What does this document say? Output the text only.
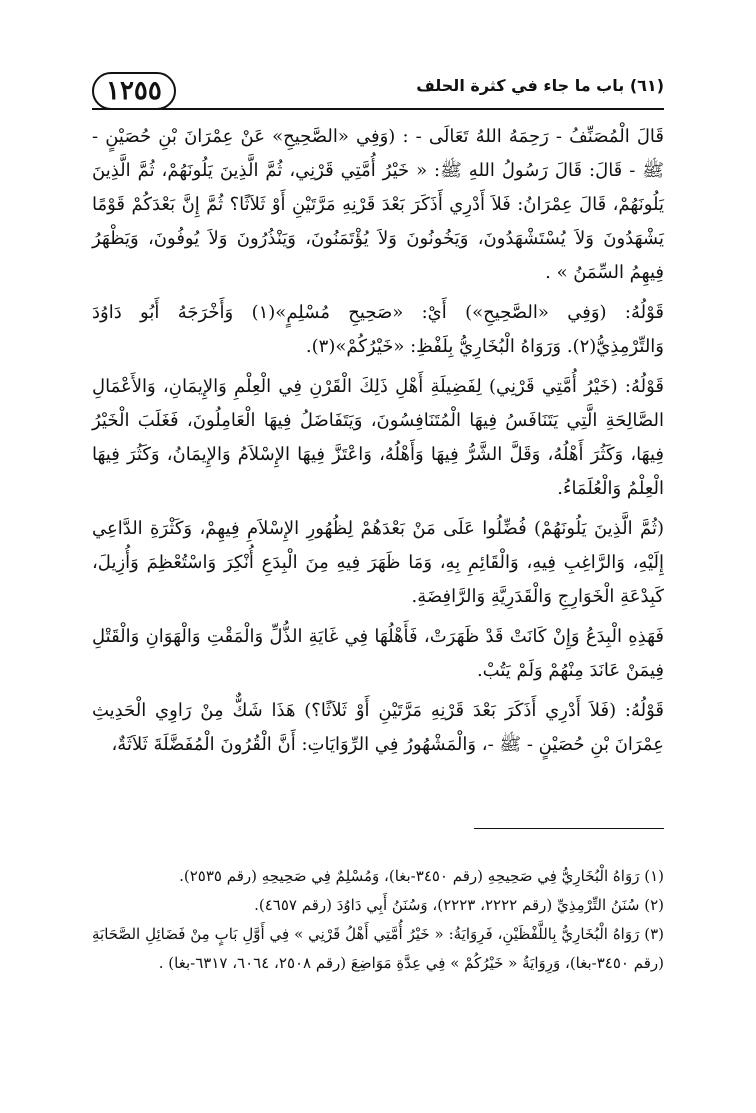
(٦١) باب ما جاء في كثرة الحلف
١٢٥٥

قَالَ الْمُصَنِّفُ - رَحِمَهُ اللهُ تَعَالَى - : (وَفِي «الصَّحِيحِ» عَنْ عِمْرَانَ بْنِ حُصَيْنٍ - ﷺ - قَالَ: قَالَ رَسُولُ اللهِ ﷺ: « خَيْرُ أُمَّتِي قَرْنِي، ثُمَّ الَّذِينَ يَلُونَهُمْ، ثُمَّ الَّذِينَ يَلُونَهُمْ، قَالَ عِمْرَانُ: فَلاَ أَدْرِي أَذَكَرَ بَعْدَ قَرْنِهِ مَرَّتَيْنِ أَوْ ثَلاَثًا؟ ثُمَّ إِنَّ بَعْدَكُمْ قَوْمًا يَشْهَدُونَ وَلاَ يُسْتَشْهَدُونَ، وَيَخُونُونَ وَلاَ يُؤْتَمَنُونَ، وَيَنْذُرُونَ وَلاَ يُوفُونَ، وَيَظْهَرُ فِيهِمُ السِّمَنُ » .

قَوْلُهُ: (وَفِي «الصَّحِيحِ») أَيْ: «صَحِيحِ مُسْلِمٍ»(١) وَأَخْرَجَهُ أَبُو دَاوُدَ وَالتِّرْمِذِيُّ(٢). وَرَوَاهُ الْبُخَارِيُّ بِلَفْظِ: «خَيْرُكُمْ»(٣).

قَوْلُهُ: (خَيْرُ أُمَّتِي قَرْنِي) لِفَضِيلَةِ أَهْلِ ذَلِكَ الْقَرْنِ فِي الْعِلْمِ وَالإِيمَانِ، وَالأَعْمَالِ الصَّالِحَةِ الَّتِي يَتَنَافَسُ فِيهَا الْمُتَنَافِسُونَ، وَيَتَفَاضَلُ فِيهَا الْعَامِلُونَ، فَغَلَبَ الْخَيْرُ فِيهَا، وَكَثُرَ أَهْلُهُ، وَقَلَّ الشَّرُّ فِيهَا وَأَهْلُهُ، وَاعْتَزَّ فِيهَا الإِسْلاَمُ وَالإِيمَانُ، وَكَثُرَ فِيهَا الْعِلْمُ وَالْعُلَمَاءُ.

(ثُمَّ الَّذِينَ يَلُونَهُمْ) فُضِّلُوا عَلَى مَنْ بَعْدَهُمْ لِظُهُورِ الإِسْلاَمِ فِيهِمْ، وَكَثْرَةِ الدَّاعِي إِلَيْهِ، وَالرَّاغِبِ فِيهِ، وَالْقَائِمِ بِهِ، وَمَا ظَهَرَ فِيهِ مِنَ الْبِدَعِ أُنْكِرَ وَاسْتُعْظِمَ وَأُزِيلَ، كَبِدْعَةِ الْخَوَارِجِ وَالْقَدَرِيَّةِ وَالرَّافِضَةِ.

فَهَذِهِ الْبِدَعُ وَإِنْ كَانَتْ قَدْ ظَهَرَتْ، فَأَهْلُهَا فِي غَايَةِ الذُّلِّ وَالْمَقْتِ وَالْهَوَانِ وَالْقَتْلِ فِيمَنْ عَانَدَ مِنْهُمْ وَلَمْ يَتُبْ.

قَوْلُهُ: (فَلاَ أَدْرِي أَذَكَرَ بَعْدَ قَرْنِهِ مَرَّتَيْنِ أَوْ ثَلاَثًا؟) هَذَا شَكٌّ مِنْ رَاوِي الْحَدِيثِ عِمْرَانَ بْنِ حُصَيْنٍ - ﷺ -، وَالْمَشْهُورُ فِي الرِّوَايَاتِ: أَنَّ الْقُرُونَ الْمُفَضَّلَةَ ثَلاَثَةٌ،

(١) رَوَاهُ الْبُخَارِيُّ فِي صَحِيحِهِ (رقم ٣٤٥٠-بغا)، وَمُسْلِمٌ فِي صَحِيحِهِ (رقم ٢٥٣٥).

(٢) سُنَنُ التِّرْمِذِيِّ (رقم ٢٢٢٢، ٢٢٢٣)، وَسُنَنُ أَبِي دَاوُدَ (رقم ٤٦٥٧).

(٣) رَوَاهُ الْبُخَارِيُّ بِاللَّفْظَيْنِ، فَرِوَايَةُ: « خَيْرُ أُمَّتِي أَهْلُ قَرْنِي » فِي أَوَّلِ بَابٍ مِنْ فَضَائِلِ الصَّحَابَةِ (رقم ٣٤٥٠-بغا)، وَرِوَايَةُ « خَيْرُكُمْ » فِي عِدَّةِ مَوَاضِعَ (رقم ٢٥٠٨، ٦٠٦٤، ٦٣١٧-بغا) .
